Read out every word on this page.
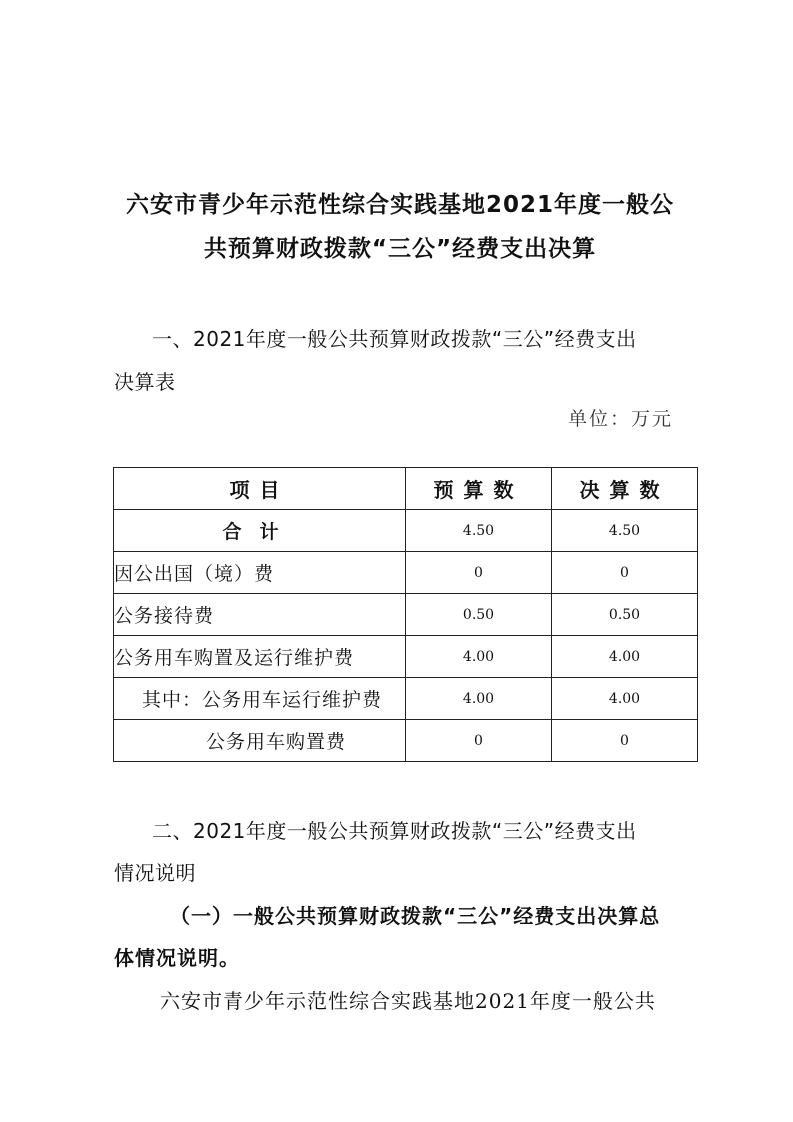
六安市青少年示范性综合实践基地2021年度一般公
共预算财政拨款“三公”经费支出决算
一、2021年度一般公共预算财政拨款“三公”经费支出
决算表
单位：万元
项目	预算数	决算数
合计	4.50	4.50
因公出国（境）费	0	0
公务接待费	0.50	0.50
公务用车购置及运行维护费	4.00	4.00
其中：公务用车运行维护费	4.00	4.00
公务用车购置费	0	0
二、2021年度一般公共预算财政拨款“三公”经费支出
情况说明
（一）一般公共预算财政拨款“三公”经费支出决算总
体情况说明。
六安市青少年示范性综合实践基地2021年度一般公共
